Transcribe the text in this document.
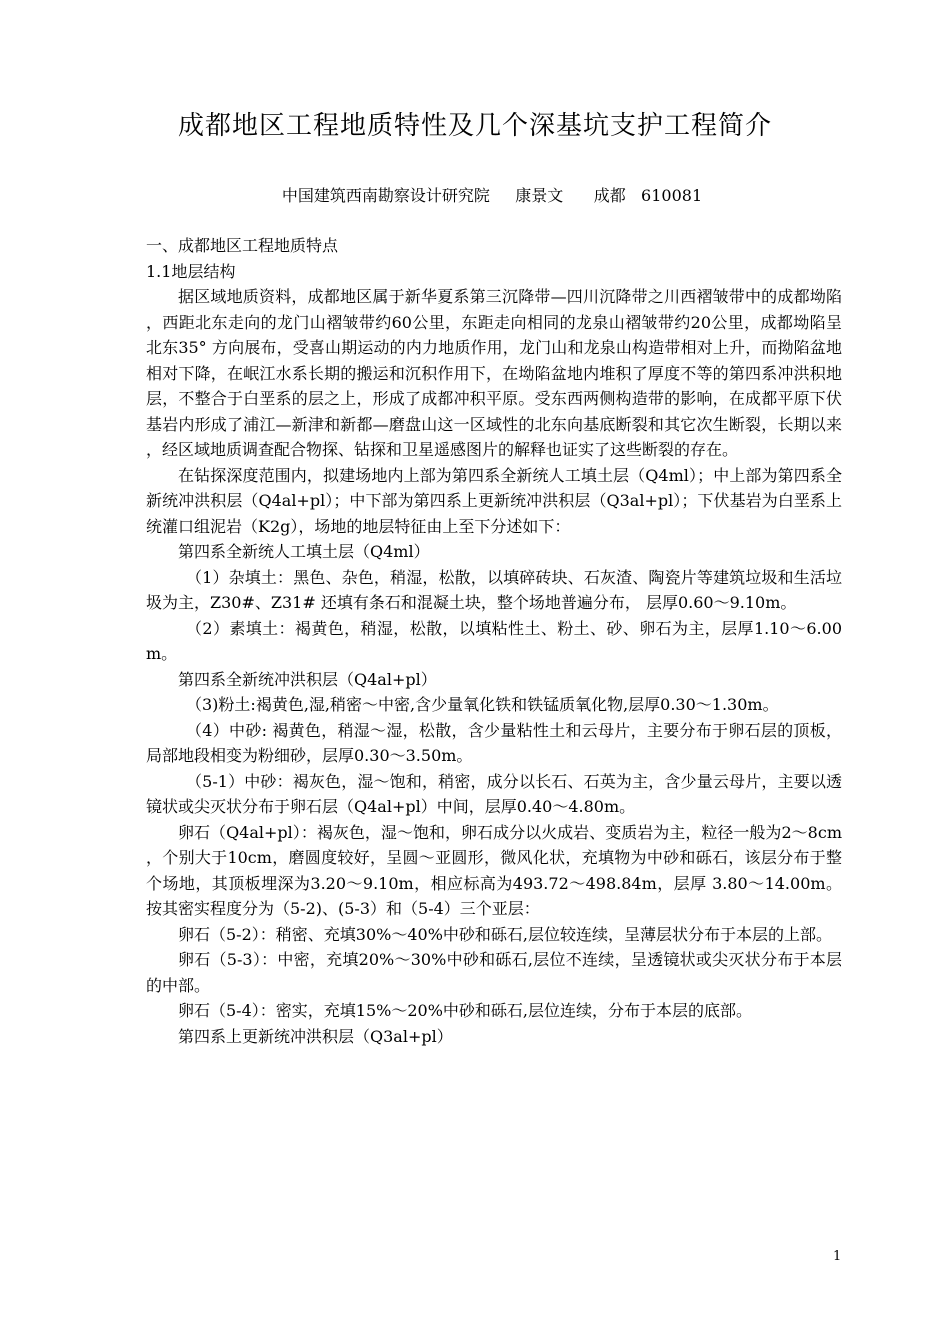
成都地区工程地质特性及几个深基坑支护工程简介
中国建筑西南勘察设计研究院     康景文      成都   610081

一、成都地区工程地质特点

1.1地层结构

据区域地质资料，成都地区属于新华夏系第三沉降带—四川沉降带之川西褶皱带中的成都坳陷，西距北东走向的龙门山褶皱带约60公里，东距走向相同的龙泉山褶皱带约20公里，成都坳陷呈北东35° 方向展布，受喜山期运动的内力地质作用，龙门山和龙泉山构造带相对上升，而拗陷盆地相对下降，在岷江水系长期的搬运和沉积作用下，在坳陷盆地内堆积了厚度不等的第四系冲洪积地层，不整合于白垩系的层之上，形成了成都冲积平原。受东西两侧构造带的影响，在成都平原下伏基岩内形成了浦江—新津和新都—磨盘山这一区域性的北东向基底断裂和其它次生断裂，长期以来，经区域地质调查配合物探、钻探和卫星遥感图片的解释也证实了这些断裂的存在。

在钻探深度范围内，拟建场地内上部为第四系全新统人工填土层（Q4ml）；中上部为第四系全新统冲洪积层（Q4al+pl）；中下部为第四系上更新统冲洪积层（Q3al+pl）；下伏基岩为白垩系上统灌口组泥岩（K2g），场地的地层特征由上至下分述如下：

第四系全新统人工填土层（Q4ml）

（1）杂填土：黑色、杂色，稍湿，松散，以填碎砖块、石灰渣、陶瓷片等建筑垃圾和生活垃圾为主，Z30#、Z31# 还填有条石和混凝土块，整个场地普遍分布， 层厚0.60～9.10m。

（2）素填土：褐黄色，稍湿，松散，以填粘性土、粉土、砂、卵石为主，层厚1.10～6.00m。

第四系全新统冲洪积层（Q4al+pl）

（3)粉土:褐黄色,湿,稍密～中密,含少量氧化铁和铁锰质氧化物,层厚0.30～1.30m。

（4）中砂: 褐黄色，稍湿～湿，松散，含少量粘性土和云母片，主要分布于卵石层的顶板，局部地段相变为粉细砂，层厚0.30～3.50m。

（5-1）中砂：褐灰色，湿～饱和，稍密，成分以长石、石英为主，含少量云母片，主要以透镜状或尖灭状分布于卵石层（Q4al+pl）中间，层厚0.40～4.80m。

卵石（Q4al+pl）：褐灰色，湿～饱和，卵石成分以火成岩、变质岩为主，粒径一般为2～8cm，个别大于10cm，磨圆度较好，呈圆～亚圆形，微风化状，充填物为中砂和砾石，该层分布于整个场地，其顶板埋深为3.20～9.10m，相应标高为493.72～498.84m，层厚 3.80～14.00m。按其密实程度分为（5-2)、(5-3）和（5-4）三个亚层：

卵石（5-2）：稍密、充填30%～40%中砂和砾石,层位较连续，呈薄层状分布于本层的上部。

卵石（5-3）：中密，充填20%～30%中砂和砾石,层位不连续，呈透镜状或尖灭状分布于本层的中部。

卵石（5-4）：密实，充填15%～20%中砂和砾石,层位连续，分布于本层的底部。

第四系上更新统冲洪积层（Q3al+pl）

1
